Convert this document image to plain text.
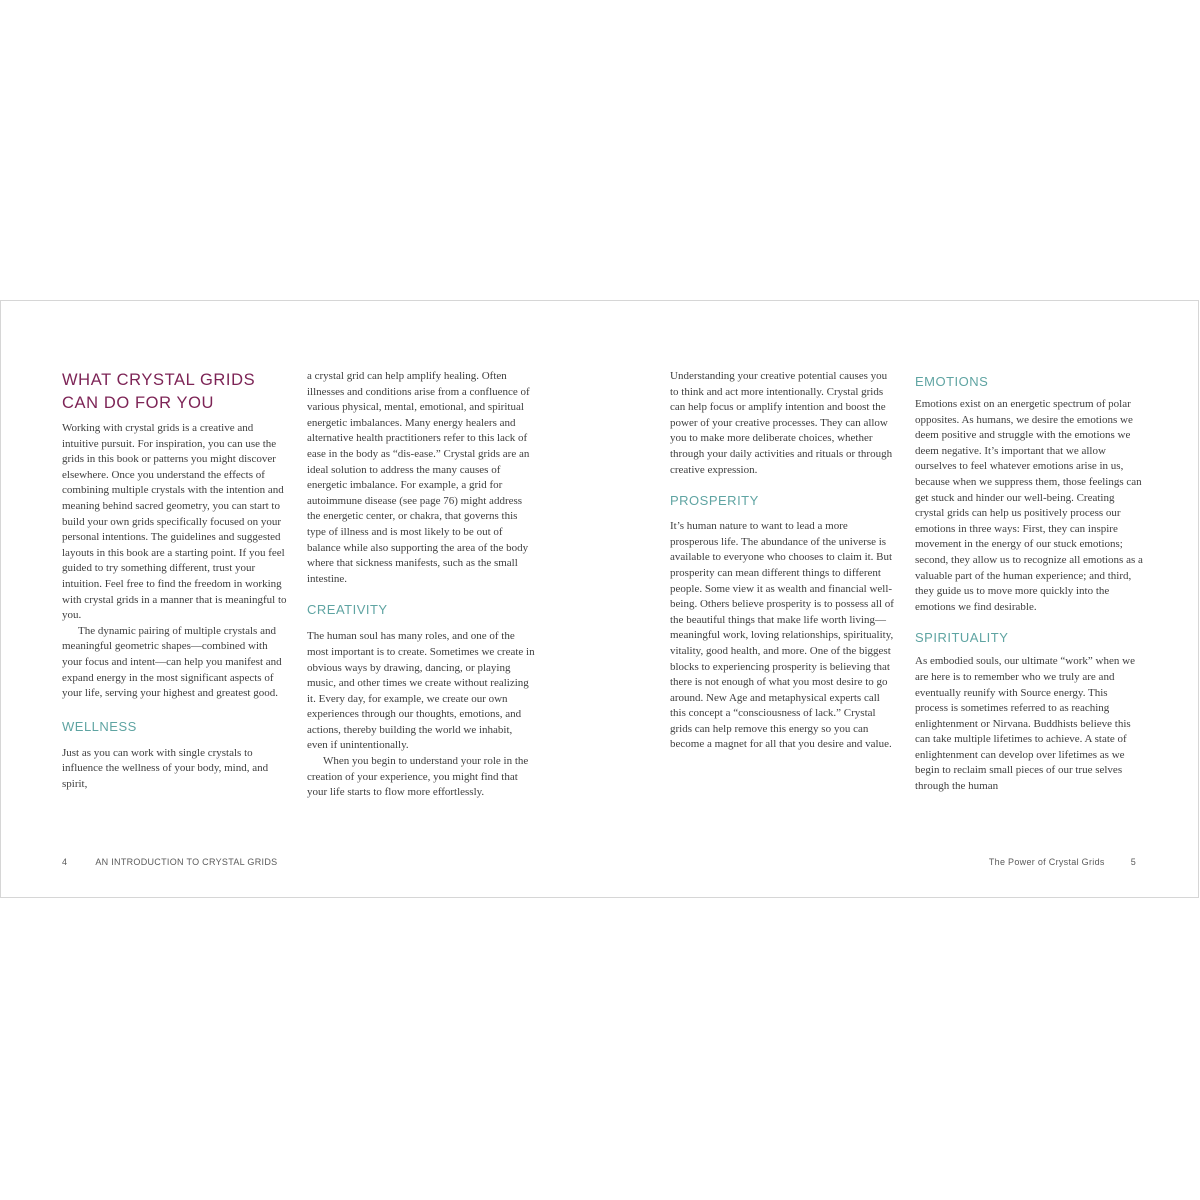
WHAT CRYSTAL GRIDS CAN DO FOR YOU

Working with crystal grids is a creative and intuitive pursuit. For inspiration, you can use the grids in this book or patterns you might discover elsewhere. Once you understand the effects of combining multiple crystals with the intention and meaning behind sacred geometry, you can start to build your own grids specifically focused on your personal intentions. The guidelines and suggested layouts in this book are a starting point. If you feel guided to try something different, trust your intuition. Feel free to find the freedom in working with crystal grids in a manner that is meaningful to you.

The dynamic pairing of multiple crystals and meaningful geometric shapes—combined with your focus and intent—can help you manifest and expand energy in the most significant aspects of your life, serving your highest and greatest good.

WELLNESS

Just as you can work with single crystals to influence the wellness of your body, mind, and spirit,

a crystal grid can help amplify healing. Often illnesses and conditions arise from a confluence of various physical, mental, emotional, and spiritual energetic imbalances. Many energy healers and alternative health practitioners refer to this lack of ease in the body as “dis-ease.” Crystal grids are an ideal solution to address the many causes of energetic imbalance. For example, a grid for autoimmune disease (see page 76) might address the energetic center, or chakra, that governs this type of illness and is most likely to be out of balance while also supporting the area of the body where that sickness manifests, such as the small intestine.

CREATIVITY

The human soul has many roles, and one of the most important is to create. Sometimes we create in obvious ways by drawing, dancing, or playing music, and other times we create without realizing it. Every day, for example, we create our own experiences through our thoughts, emotions, and actions, thereby building the world we inhabit, even if unintentionally.

When you begin to understand your role in the creation of your experience, you might find that your life starts to flow more effortlessly.

Understanding your creative potential causes you to think and act more intentionally. Crystal grids can help focus or amplify intention and boost the power of your creative processes. They can allow you to make more deliberate choices, whether through your daily activities and rituals or through creative expression.

PROSPERITY

It’s human nature to want to lead a more prosperous life. The abundance of the universe is available to everyone who chooses to claim it. But prosperity can mean different things to different people. Some view it as wealth and financial well-being. Others believe prosperity is to possess all of the beautiful things that make life worth living—meaningful work, loving relationships, spirituality, vitality, good health, and more. One of the biggest blocks to experiencing prosperity is believing that there is not enough of what you most desire to go around. New Age and metaphysical experts call this concept a “consciousness of lack.” Crystal grids can help remove this energy so you can become a magnet for all that you desire and value.

EMOTIONS

Emotions exist on an energetic spectrum of polar opposites. As humans, we desire the emotions we deem positive and struggle with the emotions we deem negative. It’s important that we allow ourselves to feel whatever emotions arise in us, because when we suppress them, those feelings can get stuck and hinder our well-being. Creating crystal grids can help us positively process our emotions in three ways: First, they can inspire movement in the energy of our stuck emotions; second, they allow us to recognize all emotions as a valuable part of the human experience; and third, they guide us to move more quickly into the emotions we find desirable.

SPIRITUALITY

As embodied souls, our ultimate “work” when we are here is to remember who we truly are and eventually reunify with Source energy. This process is sometimes referred to as reaching enlightenment or Nirvana. Buddhists believe this can take multiple lifetimes to achieve. A state of enlightenment can develop over lifetimes as we begin to reclaim small pieces of our true selves through the human

4	AN INTRODUCTION TO CRYSTAL GRIDS	The Power of Crystal Grids	5
